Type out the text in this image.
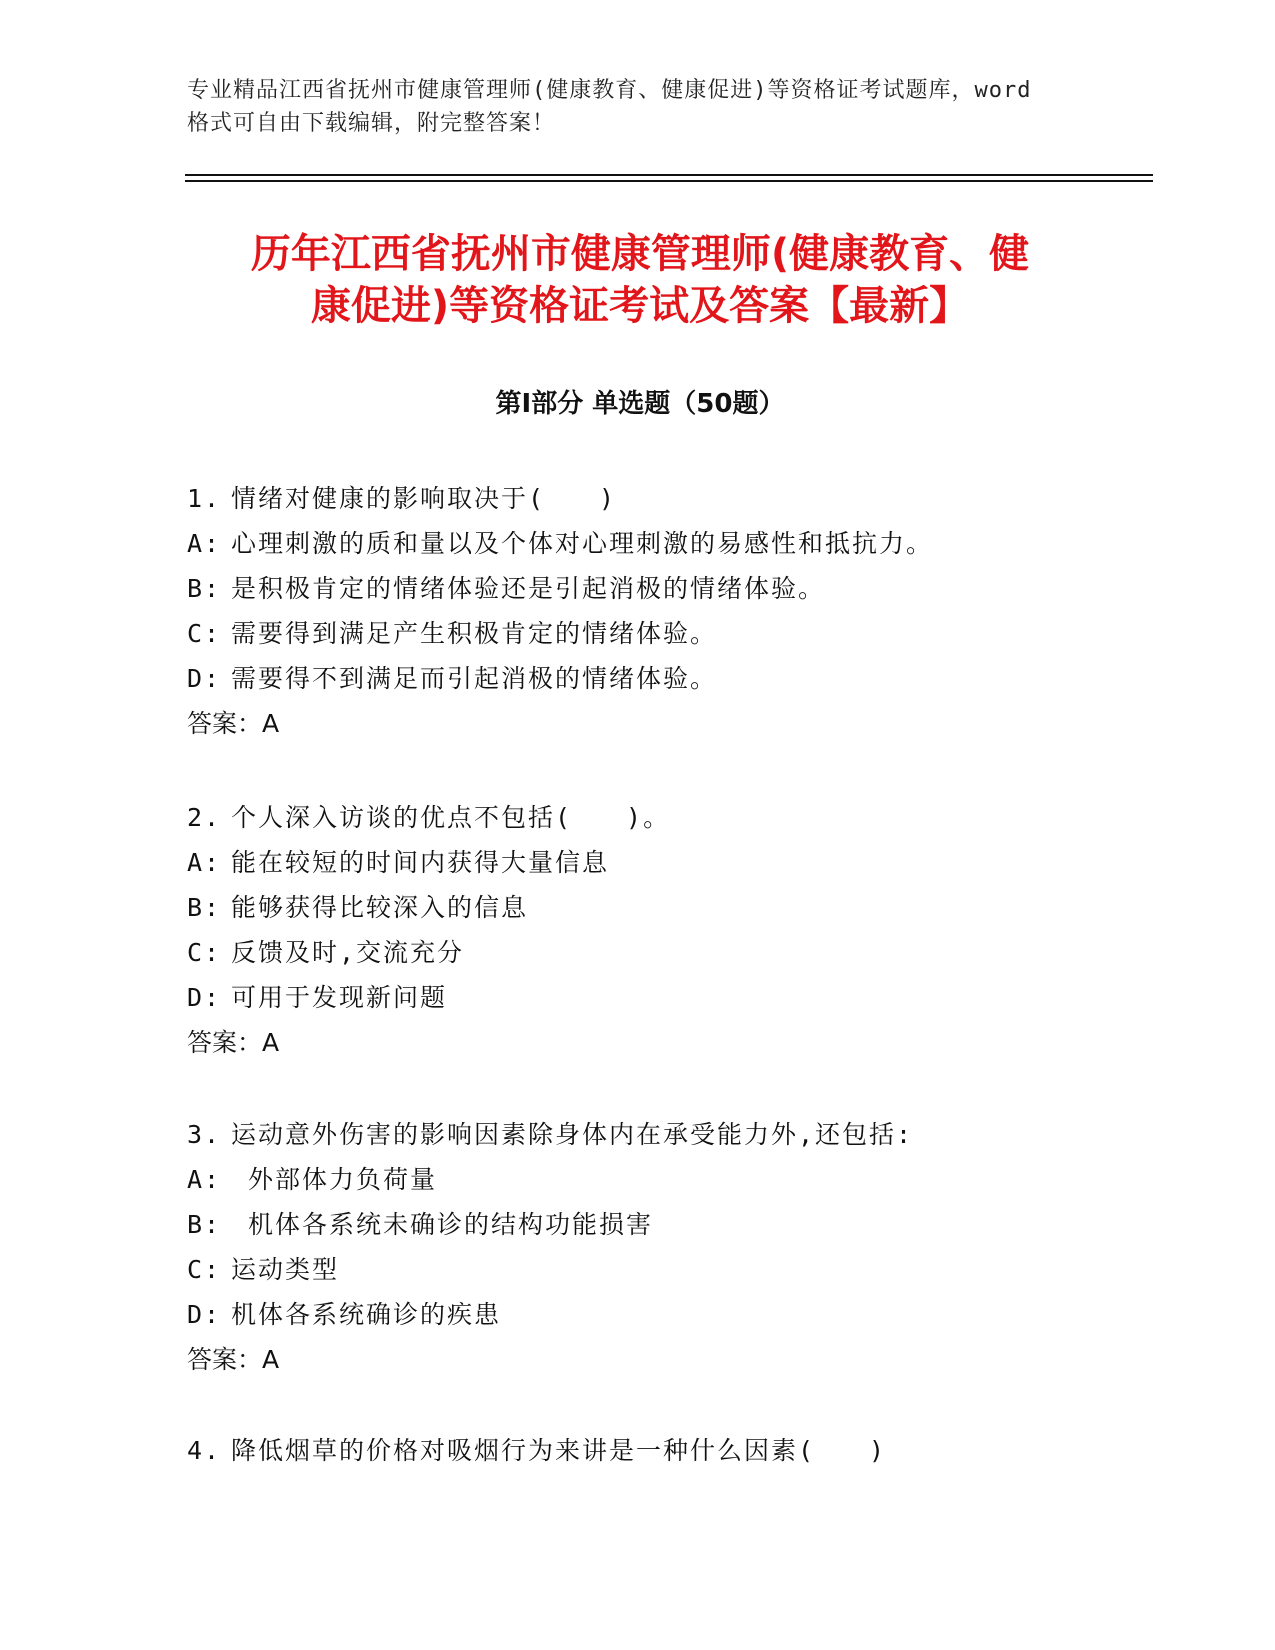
专业精品江西省抚州市健康管理师(健康教育、健康促进)等资格证考试题库，word
格式可自由下载编辑，附完整答案！
历年江西省抚州市健康管理师(健康教育、健
康促进)等资格证考试及答案【最新】
第Ⅰ部分 单选题（50题）
1. 情绪对健康的影响取决于(　　)
A: 心理刺激的质和量以及个体对心理刺激的易感性和抵抗力。
B: 是积极肯定的情绪体验还是引起消极的情绪体验。
C: 需要得到满足产生积极肯定的情绪体验。
D: 需要得不到满足而引起消极的情绪体验。
答案：A
2. 个人深入访谈的优点不包括(　　)。
A: 能在较短的时间内获得大量信息
B: 能够获得比较深入的信息
C: 反馈及时,交流充分
D: 可用于发现新问题
答案：A
3. 运动意外伤害的影响因素除身体内在承受能力外,还包括:
A: 外部体力负荷量
B: 机体各系统未确诊的结构功能损害
C: 运动类型
D: 机体各系统确诊的疾患
答案：A
4. 降低烟草的价格对吸烟行为来讲是一种什么因素(　　)
